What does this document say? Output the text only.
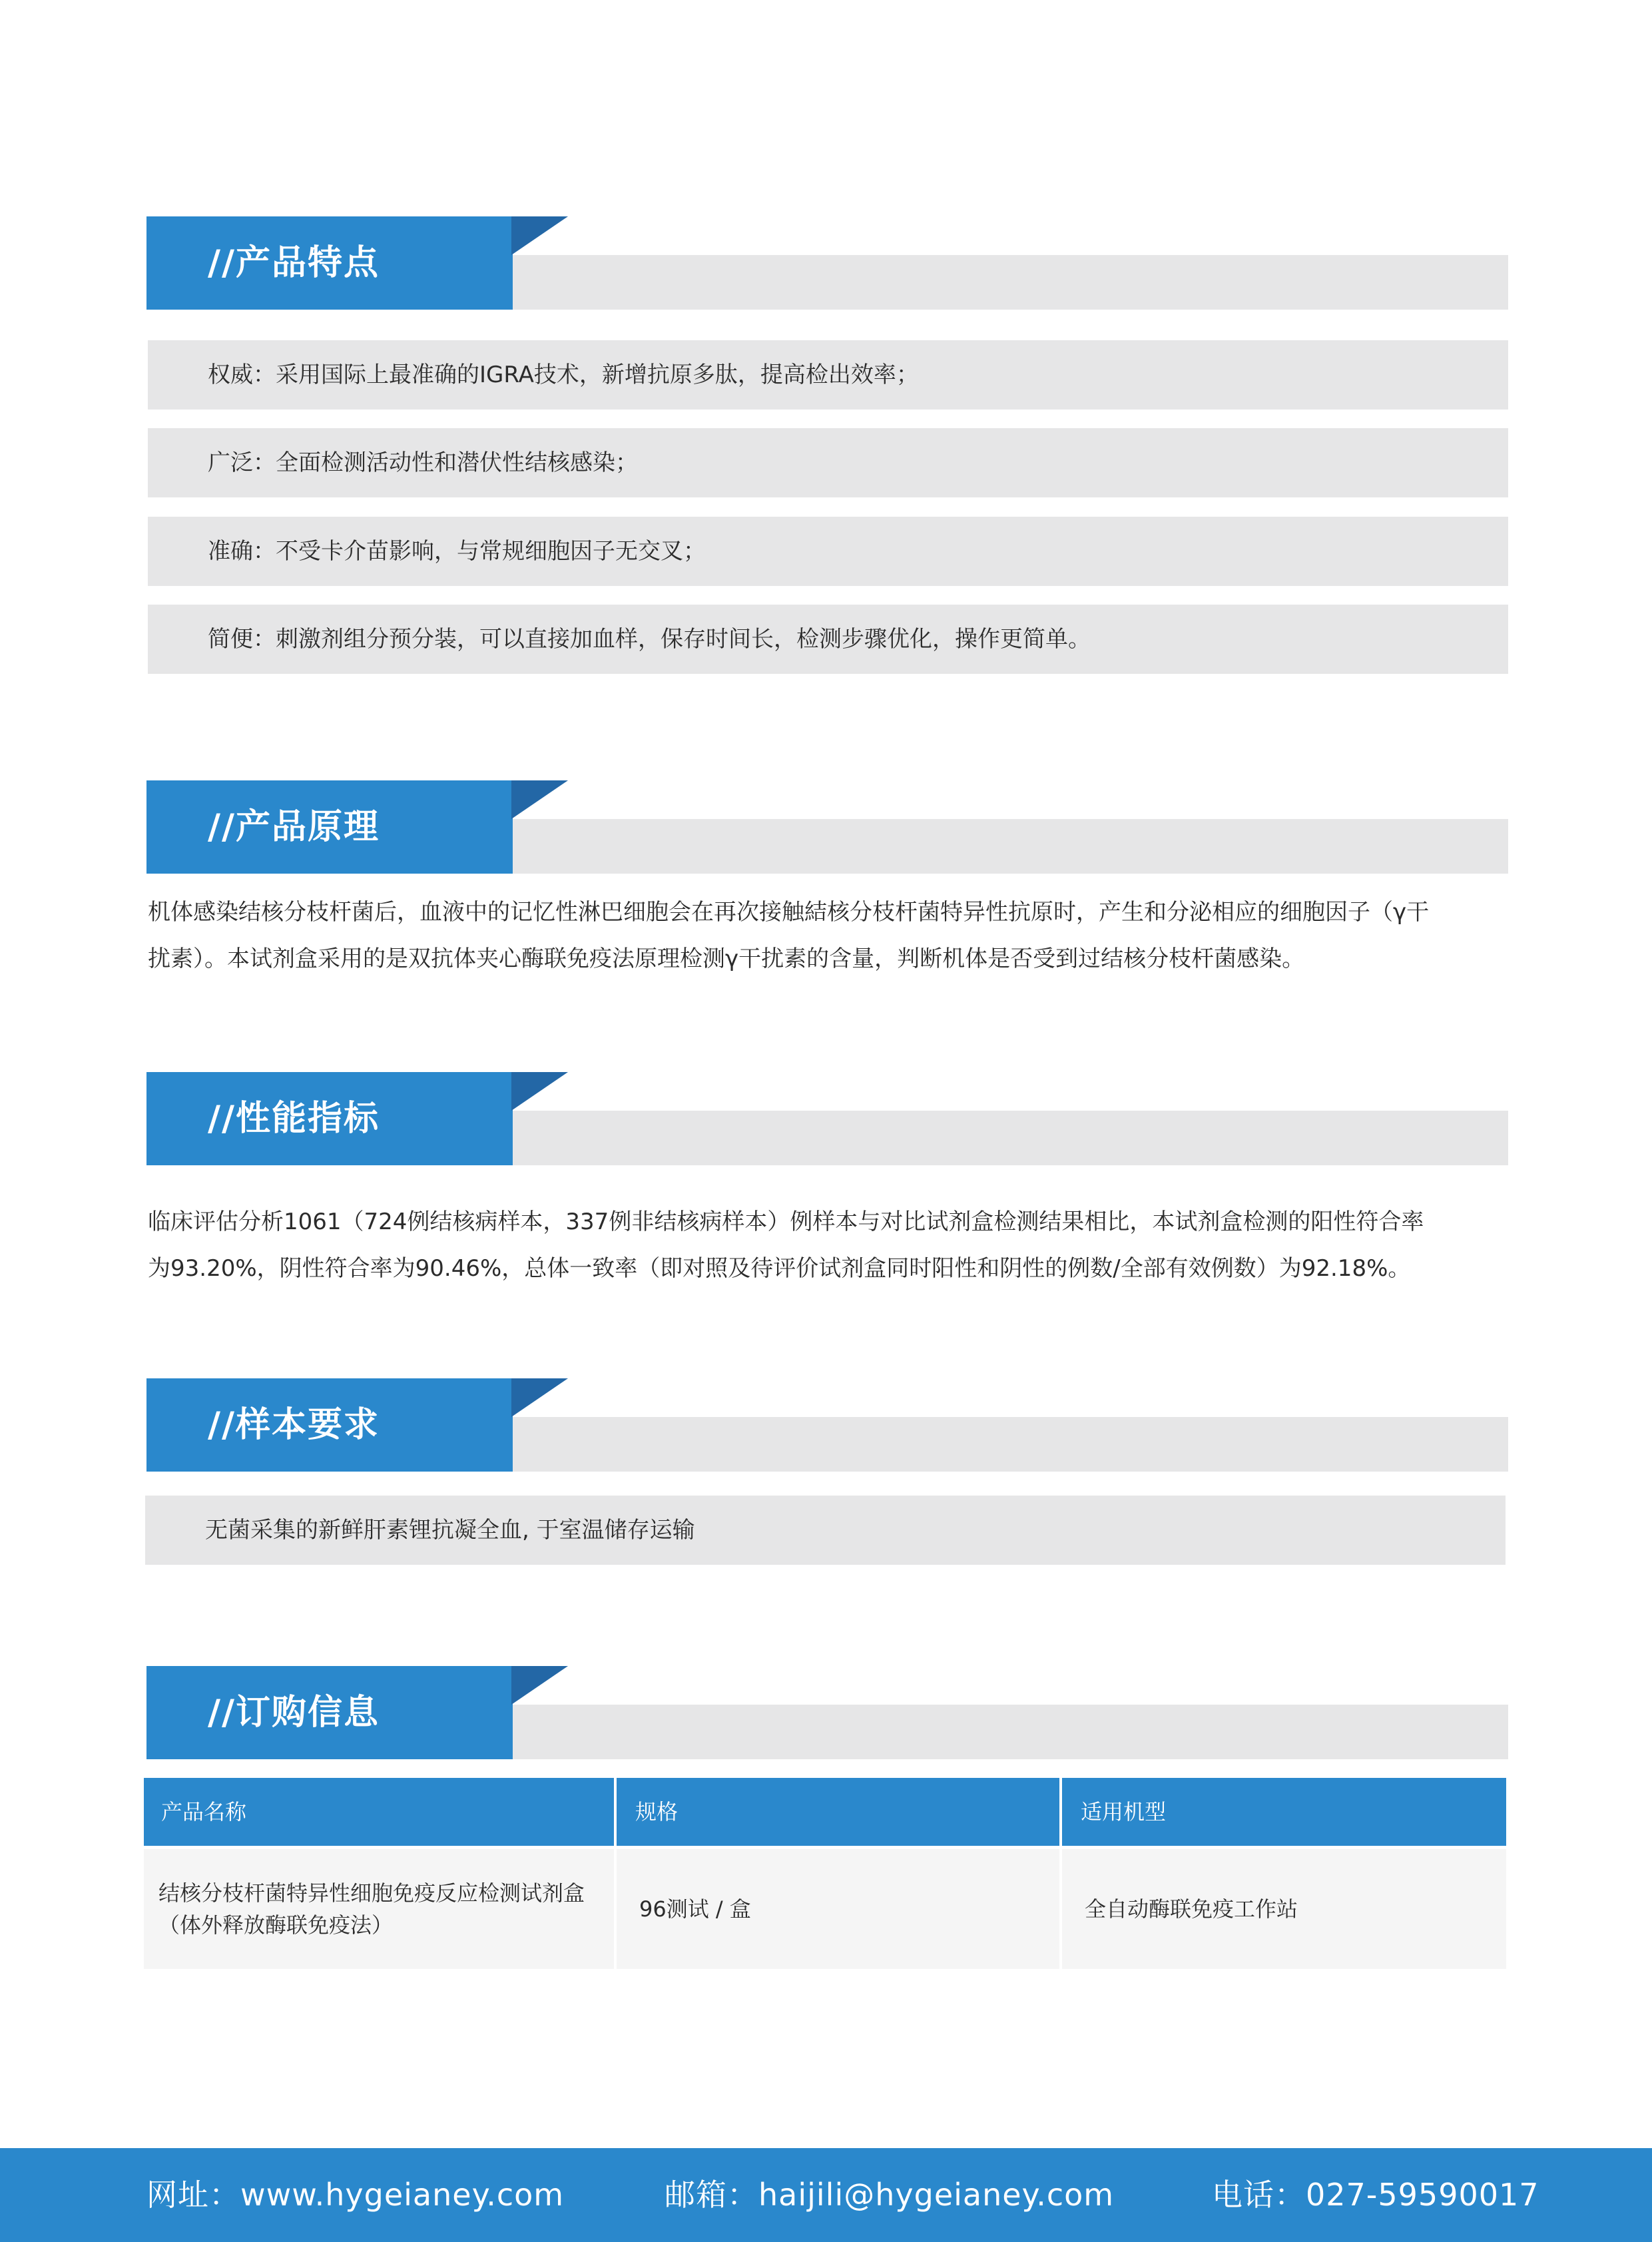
//产品特点
权威：采用国际上最准确的IGRA技术，新增抗原多肽，提高检出效率；
广泛：全面检测活动性和潜伏性结核感染；
准确：不受卡介苗影响，与常规细胞因子无交叉；
简便：刺激剂组分预分装，可以直接加血样，保存时间长，检测步骤优化，操作更简单。
//产品原理
机体感染结核分枝杆菌后，血液中的记忆性淋巴细胞会在再次接触結核分枝杆菌特异性抗原时，产生和分泌相应的细胞因子（γ干
扰素）。本试剂盒采用的是双抗体夹心酶联免疫法原理检测γ干扰素的含量，判断机体是否受到过结核分枝杆菌感染。
//性能指标
临床评估分析1061（724例结核病样本，337例非结核病样本）例样本与对比试剂盒检测结果相比，本试剂盒检测的阳性符合率
为93.20%，阴性符合率为90.46%，总体一致率（即对照及待评价试剂盒同时阳性和阴性的例数/全部有效例数）为92.18%。
//样本要求
无菌采集的新鲜肝素锂抗凝全血, 于室温储存运输
//订购信息
产品名称	规格	适用机型
结核分枝杆菌特异性细胞免疫反应检测试剂盒
（体外释放酶联免疫法）
96测试 / 盒	全自动酶联免疫工作站
网址：www.hygeianey.com	邮箱：haijili@hygeianey.com	电话：027-59590017
